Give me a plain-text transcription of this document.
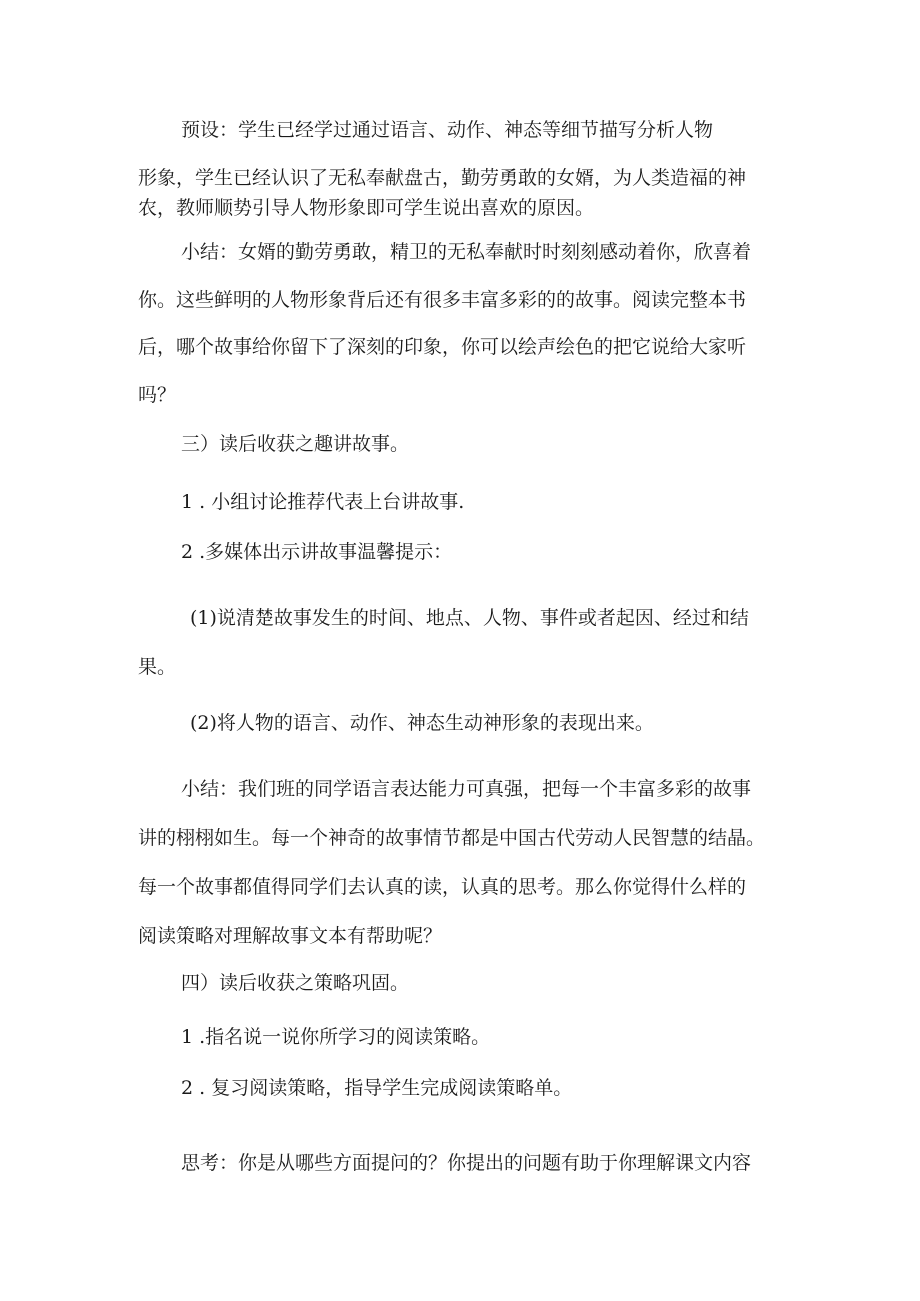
预设：学生已经学过通过语言、动作、神态等细节描写分析人物
形象，学生已经认识了无私奉献盘古，勤劳勇敢的女婿，为人类造福的神
农，教师顺势引导人物形象即可学生说出喜欢的原因。
小结：女婿的勤劳勇敢，精卫的无私奉献时时刻刻感动着你，欣喜着
你。这些鲜明的人物形象背后还有很多丰富多彩的的故事。阅读完整本书
后，哪个故事给你留下了深刻的印象，你可以绘声绘色的把它说给大家听
吗？
三）读后收获之趣讲故事。
1 . 小组讨论推荐代表上台讲故事.
2 .多媒体出示讲故事温馨提示：
(1)说清楚故事发生的时间、地点、人物、事件或者起因、经过和结
果。
(2)将人物的语言、动作、神态生动神形象的表现出来。
小结：我们班的同学语言表达能力可真强，把每一个丰富多彩的故事
讲的栩栩如生。每一个神奇的故事情节都是中国古代劳动人民智慧的结晶。
每一个故事都值得同学们去认真的读，认真的思考。那么你觉得什么样的
阅读策略对理解故事文本有帮助呢？
四）读后收获之策略巩固。
1 .指名说一说你所学习的阅读策略。
2 . 复习阅读策略，指导学生完成阅读策略单。
思考：你是从哪些方面提问的？你提出的问题有助于你理解课文内容
